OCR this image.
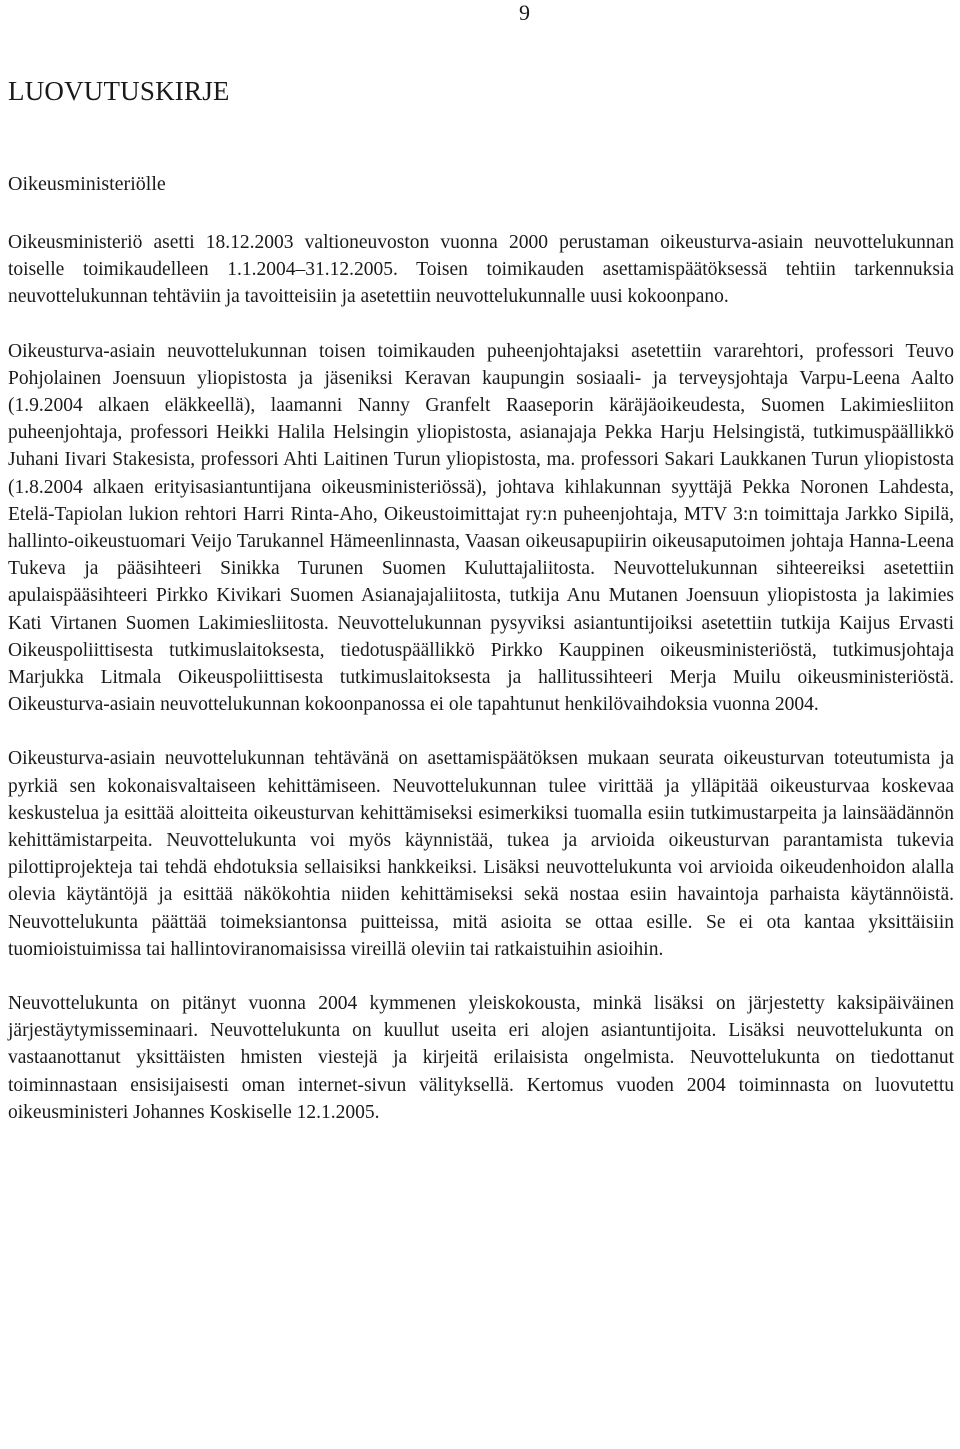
9
LUOVUTUSKIRJE
Oikeusministeriölle

Oikeusministeriö asetti 18.12.2003 valtioneuvoston vuonna 2000 perustaman oikeusturva-asiain neuvottelukunnan toiselle toimikaudelleen 1.1.2004–31.12.2005. Toisen toimikauden asettamispäätöksessä tehtiin tarkennuksia neuvottelukunnan tehtäviin ja tavoitteisiin ja asetettiin neuvottelukunnalle uusi kokoonpano.

Oikeusturva-asiain neuvottelukunnan toisen toimikauden puheenjohtajaksi asetettiin vararehtori, professori Teuvo Pohjolainen Joensuun yliopistosta ja jäseniksi Keravan kaupungin sosiaali- ja terveysjohtaja Varpu-Leena Aalto (1.9.2004 alkaen eläkkeellä), laamanni Nanny Granfelt Raaseporin käräjäoikeudesta, Suomen Lakimiesliiton puheenjohtaja, professori Heikki Halila Helsingin yliopistosta, asianajaja Pekka Harju Helsingistä, tutkimuspäällikkö Juhani Iivari Stakesista, professori Ahti Laitinen Turun yliopistosta, ma. professori Sakari Laukkanen Turun yliopistosta (1.8.2004 alkaen erityisasiantuntijana oikeusministeriössä), johtava kihlakunnan syyttäjä Pekka Noronen Lahdesta, Etelä-Tapiolan lukion rehtori Harri Rinta-Aho, Oikeustoimittajat ry:n puheenjohtaja, MTV 3:n toimittaja Jarkko Sipilä, hallinto-oikeustuomari Veijo Tarukannel Hämeenlinnasta, Vaasan oikeusapupiirin oikeusaputoimen johtaja Hanna-Leena Tukeva ja pääsihteeri Sinikka Turunen Suomen Kuluttajaliitosta. Neuvottelukunnan sihteereiksi asetettiin apulaispääsihteeri Pirkko Kivikari Suomen Asianajajaliitosta, tutkija Anu Mutanen Joensuun yliopistosta ja lakimies Kati Virtanen Suomen Lakimiesliitosta. Neuvottelukunnan pysyviksi asiantuntijoiksi asetettiin tutkija Kaijus Ervasti Oikeuspoliittisesta tutkimuslaitoksesta, tiedotuspäällikkö Pirkko Kauppinen oikeusministeriöstä, tutkimusjohtaja Marjukka Litmala Oikeuspoliittisesta tutkimuslaitoksesta ja hallitussihteeri Merja Muilu oikeusministeriöstä. Oikeusturva-asiain neuvottelukunnan kokoonpanossa ei ole tapahtunut henkilövaihdoksia vuonna 2004.

Oikeusturva-asiain neuvottelukunnan tehtävänä on asettamispäätöksen mukaan seurata oikeusturvan toteutumista ja pyrkiä sen kokonaisvaltaiseen kehittämiseen. Neuvottelukunnan tulee virittää ja ylläpitää oikeusturvaa koskevaa keskustelua ja esittää aloitteita oikeusturvan kehittämiseksi esimerkiksi tuomalla esiin tutkimustarpeita ja lainsäädännön kehittämistarpeita. Neuvottelukunta voi myös käynnistää, tukea ja arvioida oikeusturvan parantamista tukevia pilottiprojekteja tai tehdä ehdotuksia sellaisiksi hankkeiksi. Lisäksi neuvottelukunta voi arvioida oikeudenhoidon alalla olevia käytäntöjä ja esittää näkökohtia niiden kehittämiseksi sekä nostaa esiin havaintoja parhaista käytännöistä. Neuvottelukunta päättää toimeksiantonsa puitteissa, mitä asioita se ottaa esille. Se ei ota kantaa yksittäisiin tuomioistuimissa tai hallintoviranomaisissa vireillä oleviin tai ratkaistuihin asioihin.

Neuvottelukunta on pitänyt vuonna 2004 kymmenen yleiskokousta, minkä lisäksi on järjestetty kaksipäiväinen järjestäytymisseminaari. Neuvottelukunta on kuullut useita eri alojen asiantuntijoita. Lisäksi neuvottelukunta on vastaanottanut yksittäisten hmisten viestejä ja kirjeitä erilaisista ongelmista. Neuvottelukunta on tiedottanut toiminnastaan ensisijaisesti oman internet-sivun välityksellä. Kertomus vuoden 2004 toiminnasta on luovutettu oikeusministeri Johannes Koskiselle 12.1.2005.
